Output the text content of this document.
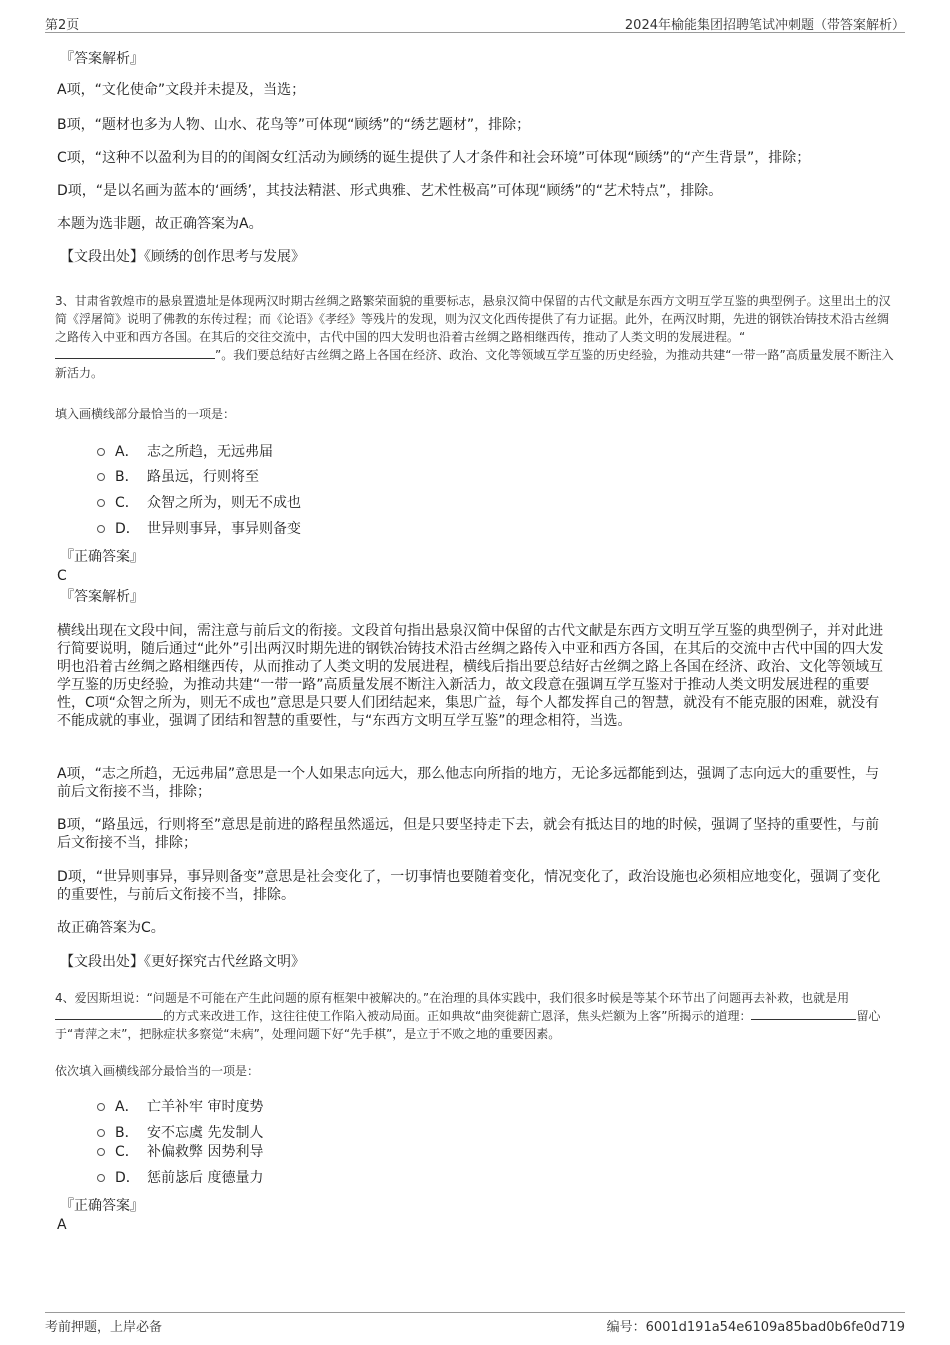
第2页	2024年榆能集团招聘笔试冲刺题（带答案解析）
『答案解析』
A项，“文化使命”文段并未提及，当选；
B项，“题材也多为人物、山水、花鸟等”可体现“顾绣”的“绣艺题材”，排除；
C项，“这种不以盈利为目的的闺阁女红活动为顾绣的诞生提供了人才条件和社会环境”可体现“顾绣”的“产生背景”，排除；
D项，“是以名画为蓝本的‘画绣’，其技法精湛、形式典雅、艺术性极高”可体现“顾绣”的“艺术特点”，排除。
本题为选非题，故正确答案为A。
【文段出处】《顾绣的创作思考与发展》
3、甘肃省敦煌市的悬泉置遗址是体现两汉时期古丝绸之路繁荣面貌的重要标志，悬泉汉简中保留的古代文献是东西方文明互学互鉴的典型例子。这里出土的汉简《浮屠简》说明了佛教的东传过程；而《论语》《孝经》等残片的发现，则为汉文化西传提供了有力证据。此外，在两汉时期，先进的钢铁冶铸技术沿古丝绸之路传入中亚和西方各国。在其后的交往交流中，古代中国的四大发明也沿着古丝绸之路相继西传，推动了人类文明的发展进程。“”。我们要总结好古丝绸之路上各国在经济、政治、文化等领域互学互鉴的历史经验，为推动共建“一带一路”高质量发展不断注入新活力。
填入画横线部分最恰当的一项是：
A． 志之所趋，无远弗届
B． 路虽远，行则将至
C． 众智之所为，则无不成也
D． 世异则事异，事异则备变
『正确答案』
C
『答案解析』
横线出现在文段中间，需注意与前后文的衔接。文段首句指出悬泉汉简中保留的古代文献是东西方文明互学互鉴的典型例子，并对此进行简要说明，随后通过“此外”引出两汉时期先进的钢铁冶铸技术沿古丝绸之路传入中亚和西方各国，在其后的交流中古代中国的四大发明也沿着古丝绸之路相继西传，从而推动了人类文明的发展进程，横线后指出要总结好古丝绸之路上各国在经济、政治、文化等领域互学互鉴的历史经验，为推动共建“一带一路”高质量发展不断注入新活力，故文段意在强调互学互鉴对于推动人类文明发展进程的重要性，C项“众智之所为，则无不成也”意思是只要人们团结起来，集思广益，每个人都发挥自己的智慧，就没有不能克服的困难，就没有不能成就的事业，强调了团结和智慧的重要性，与“东西方文明互学互鉴”的理念相符，当选。
A项，“志之所趋，无远弗届”意思是一个人如果志向远大，那么他志向所指的地方，无论多远都能到达，强调了志向远大的重要性，与前后文衔接不当，排除；
B项，“路虽远，行则将至”意思是前进的路程虽然遥远，但是只要坚持走下去，就会有抵达目的地的时候，强调了坚持的重要性，与前后文衔接不当，排除；
D项，“世异则事异，事异则备变”意思是社会变化了，一切事情也要随着变化，情况变化了，政治设施也必须相应地变化，强调了变化的重要性，与前后文衔接不当，排除。
故正确答案为C。
【文段出处】《更好探究古代丝路文明》
4、爱因斯坦说：“问题是不可能在产生此问题的原有框架中被解决的。”在治理的具体实践中，我们很多时候是等某个环节出了问题再去补救，也就是用的方式来改进工作，这往往使工作陷入被动局面。正如典故“曲突徙薪亡恩泽，焦头烂额为上客”所揭示的道理：	留心于“青萍之末”，把脉症状多察觉“未病”，处理问题下好“先手棋”，是立于不败之地的重要因素。
依次填入画横线部分最恰当的一项是：
A． 亡羊补牢 审时度势
B． 安不忘虞 先发制人
C． 补偏救弊 因势利导
D． 惩前毖后 度德量力
『正确答案』
A
考前押题，上岸必备	编号：6001d191a54e6109a85bad0b6fe0d719
